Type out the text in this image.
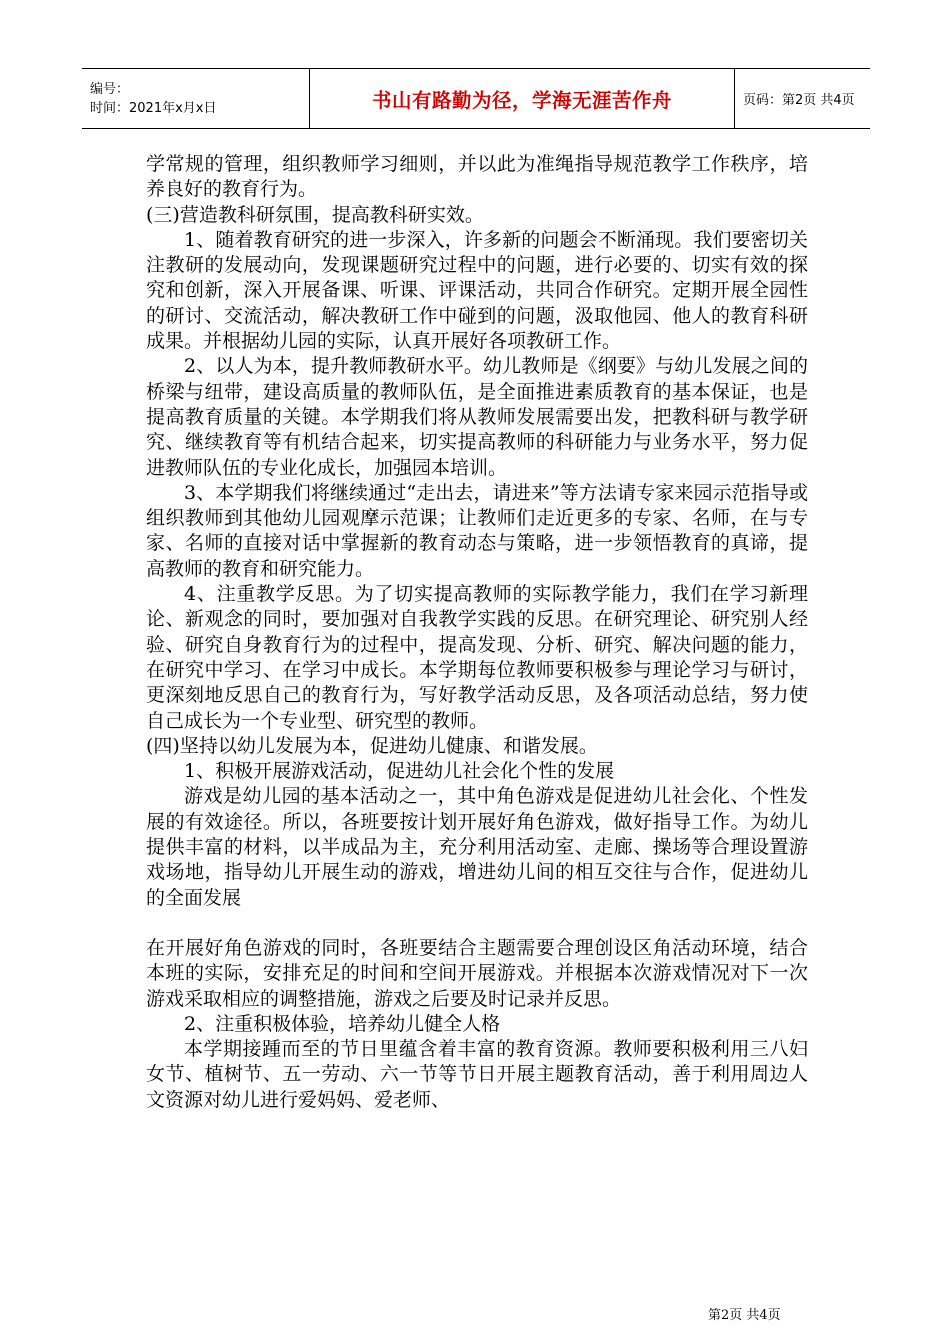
编号：
时间：2021年x月x日	书山有路勤为径，学海无涯苦作舟	页码：第2页 共4页

学常规的管理，组织教师学习细则，并以此为准绳指导规范教学工作秩序，培养良好的教育行为。

(三)营造教科研氛围，提高教科研实效。

1、随着教育研究的进一步深入，许多新的问题会不断涌现。我们要密切关注教研的发展动向，发现课题研究过程中的问题，进行必要的、切实有效的探究和创新，深入开展备课、听课、评课活动，共同合作研究。定期开展全园性的研讨、交流活动，解决教研工作中碰到的问题，汲取他园、他人的教育科研成果。并根据幼儿园的实际，认真开展好各项教研工作。

2、以人为本，提升教师教研水平。幼儿教师是《纲要》与幼儿发展之间的桥梁与纽带，建设高质量的教师队伍，是全面推进素质教育的基本保证，也是提高教育质量的关键。本学期我们将从教师发展需要出发，把教科研与教学研究、继续教育等有机结合起来，切实提高教师的科研能力与业务水平，努力促进教师队伍的专业化成长，加强园本培训。

3、本学期我们将继续通过“走出去，请进来”等方法请专家来园示范指导或组织教师到其他幼儿园观摩示范课；让教师们走近更多的专家、名师，在与专家、名师的直接对话中掌握新的教育动态与策略，进一步领悟教育的真谛，提高教师的教育和研究能力。

4、注重教学反思。为了切实提高教师的实际教学能力，我们在学习新理论、新观念的同时，要加强对自我教学实践的反思。在研究理论、研究别人经验、研究自身教育行为的过程中，提高发现、分析、研究、解决问题的能力，在研究中学习、在学习中成长。本学期每位教师要积极参与理论学习与研讨，更深刻地反思自己的教育行为，写好教学活动反思，及各项活动总结，努力使自己成长为一个专业型、研究型的教师。

(四)坚持以幼儿发展为本，促进幼儿健康、和谐发展。

1、积极开展游戏活动，促进幼儿社会化个性的发展

游戏是幼儿园的基本活动之一，其中角色游戏是促进幼儿社会化、个性发展的有效途径。所以，各班要按计划开展好角色游戏，做好指导工作。为幼儿提供丰富的材料，以半成品为主，充分利用活动室、走廊、操场等合理设置游戏场地，指导幼儿开展生动的游戏，增进幼儿间的相互交往与合作，促进幼儿的全面发展

在开展好角色游戏的同时，各班要结合主题需要合理创设区角活动环境，结合本班的实际，安排充足的时间和空间开展游戏。并根据本次游戏情况对下一次游戏采取相应的调整措施，游戏之后要及时记录并反思。

2、注重积极体验，培养幼儿健全人格

本学期接踵而至的节日里蕴含着丰富的教育资源。教师要积极利用三八妇女节、植树节、五一劳动、六一节等节日开展主题教育活动，善于利用周边人文资源对幼儿进行爱妈妈、爱老师、

第2页 共4页
